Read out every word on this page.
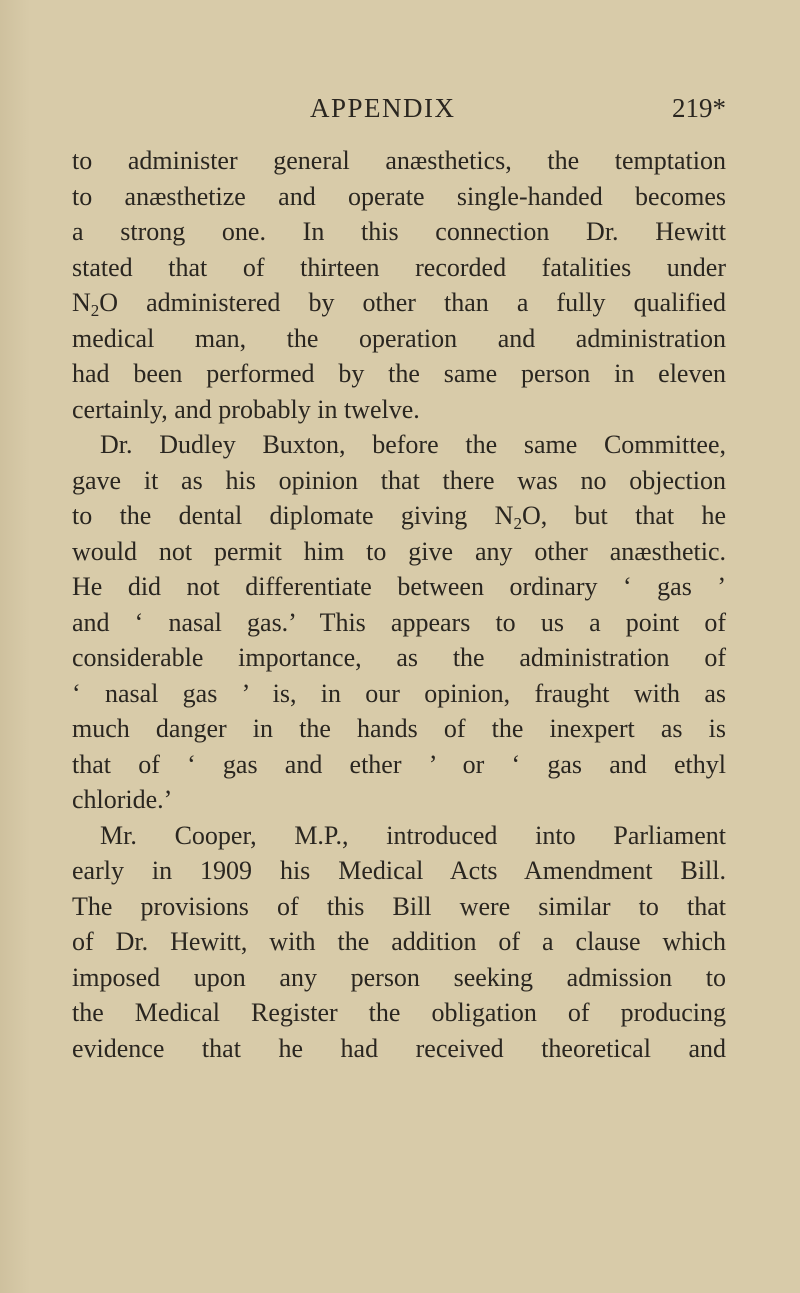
APPENDIX	219*
to administer general anæsthetics, the temptation
to anæsthetize and operate single-handed becomes
a strong one. In this connection Dr. Hewitt
stated that of thirteen recorded fatalities under
$N_2O$ administered by other than a fully qualified
medical man, the operation and administration
had been performed by the same person in eleven
certainly, and probably in twelve.
Dr. Dudley Buxton, before the same Committee,
gave it as his opinion that there was no objection
to the dental diplomate giving $N_2O$, but that he
would not permit him to give any other anæsthetic.
He did not differentiate between ordinary ‘ gas ’
and ‘ nasal gas.’ This appears to us a point of
considerable importance, as the administration of
‘ nasal gas ’ is, in our opinion, fraught with as
much danger in the hands of the inexpert as is
that of ‘ gas and ether ’ or ‘ gas and ethyl
chloride.’
Mr. Cooper, M.P., introduced into Parliament
early in 1909 his Medical Acts Amendment Bill.
The provisions of this Bill were similar to that
of Dr. Hewitt, with the addition of a clause which
imposed upon any person seeking admission to
the Medical Register the obligation of producing
evidence that he had received theoretical and
